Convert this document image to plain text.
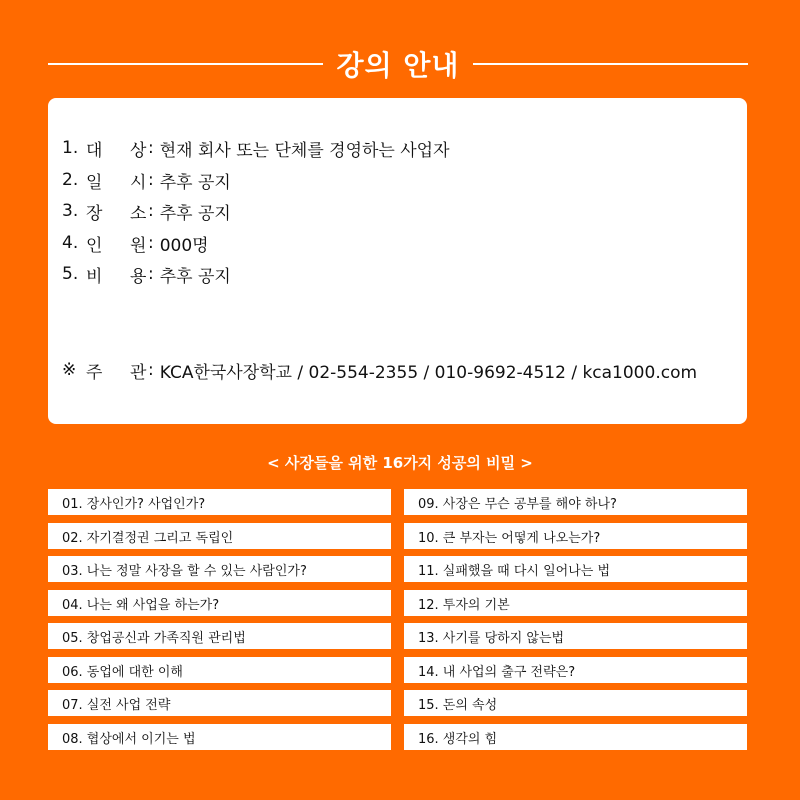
강의 안내
1. 대	상 : 현재 회사 또는 단체를 경영하는 사업자
2. 일	시 : 추후 공지
3. 장	소 : 추후 공지
4. 인	원 : 000명
5. 비	용 : 추후 공지
※ 주	관 : KCA한국사장학교 / 02-554-2355 / 010-9692-4512 / kca1000.com
< 사장들을 위한 16가지 성공의 비밀 >
01. 장사인가? 사업인가?
02. 자기결정권 그리고 독립인
03. 나는 정말 사장을 할 수 있는 사람인가?
04. 나는 왜 사업을 하는가?
05. 창업공신과 가족직원 관리법
06. 동업에 대한 이해
07. 실전 사업 전략
08. 협상에서 이기는 법
09. 사장은 무슨 공부를 해야 하나?
10. 큰 부자는 어떻게 나오는가?
11. 실패했을 때 다시 일어나는 법
12. 투자의 기본
13. 사기를 당하지 않는법
14. 내 사업의 출구 전략은?
15. 돈의 속성
16. 생각의 힘
